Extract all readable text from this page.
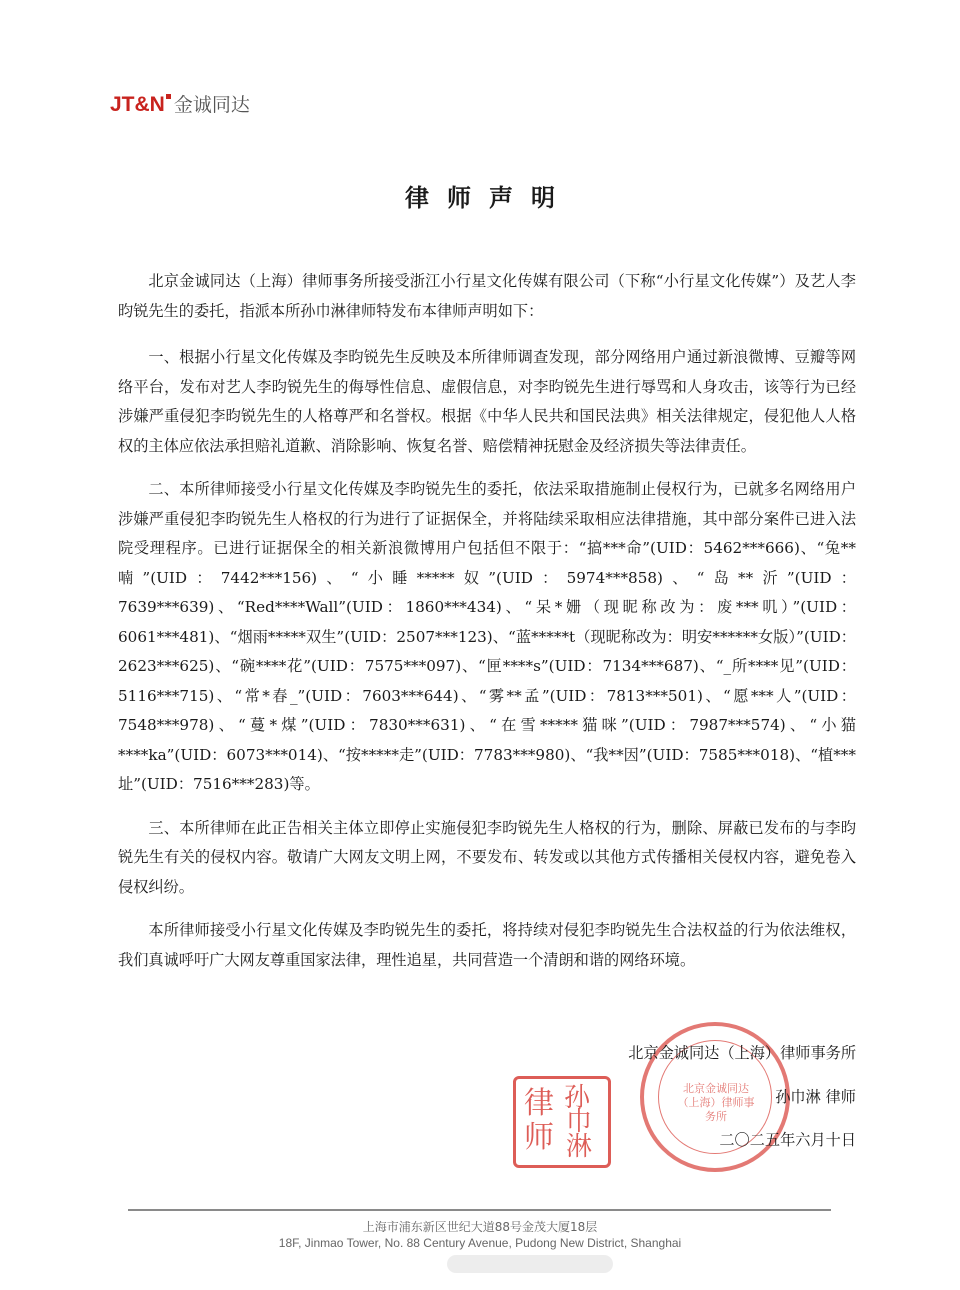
JT&N 金诚同达
律师声明

北京金诚同达（上海）律师事务所接受浙江小行星文化传媒有限公司（下称“小行星文化传媒”）及艺人李昀锐先生的委托，指派本所孙巾淋律师特发布本律师声明如下：

一、根据小行星文化传媒及李昀锐先生反映及本所律师调查发现，部分网络用户通过新浪微博、豆瓣等网络平台，发布对艺人李昀锐先生的侮辱性信息、虚假信息，对李昀锐先生进行辱骂和人身攻击，该等行为已经涉嫌严重侵犯李昀锐先生的人格尊严和名誉权。根据《中华人民共和国民法典》相关法律规定，侵犯他人人格权的主体应依法承担赔礼道歉、消除影响、恢复名誉、赔偿精神抚慰金及经济损失等法律责任。

二、本所律师接受小行星文化传媒及李昀锐先生的委托，依法采取措施制止侵权行为，已就多名网络用户涉嫌严重侵犯李昀锐先生人格权的行为进行了证据保全，并将陆续采取相应法律措施，其中部分案件已进入法院受理程序。已进行证据保全的相关新浪微博用户包括但不限于：“搞***命”(UID：5462***666)、“兔**喃”(UID：7442***156)、“小睡*****奴”(UID：5974***858)、“岛**沂”(UID：7639***639)、“Red****Wall”(UID：1860***434)、“呆*姗（现昵称改为：废***叽）”(UID：6061***481)、“烟雨*****双生”(UID：2507***123)、“蓝*****t（现昵称改为：明安******女版）”(UID：2623***625)、“碗****花”(UID：7575***097)、“匣****s”(UID：7134***687)、“_所****见”(UID：5116***715)、“常*春_”(UID：7603***644)、“雾**孟”(UID：7813***501)、“愿***人”(UID：7548***978)、“蔓*煤”(UID：7830***631)、“在雪*****猫咪”(UID：7987***574)、“小猫****ka”(UID：6073***014)、“按*****走”(UID：7783***980)、“我**因”(UID：7585***018)、“植***址”(UID：7516***283)等。

三、本所律师在此正告相关主体立即停止实施侵犯李昀锐先生人格权的行为，删除、屏蔽已发布的与李昀锐先生有关的侵权内容。敬请广大网友文明上网，不要发布、转发或以其他方式传播相关侵权内容，避免卷入侵权纠纷。

本所律师接受小行星文化传媒及李昀锐先生的委托，将持续对侵犯李昀锐先生合法权益的行为依法维权，我们真诚呼吁广大网友尊重国家法律，理性追星，共同营造一个清朗和谐的网络环境。

北京金诚同达（上海）律师事务所
北京金诚同达（上海）律师事务所
孙巾淋 律师
二〇二五年六月十日
孙
巾
淋
律
师
上海市浦东新区世纪大道88号金茂大厦18层
18F, Jinmao Tower, No. 88 Century Avenue, Pudong New District, Shanghai
